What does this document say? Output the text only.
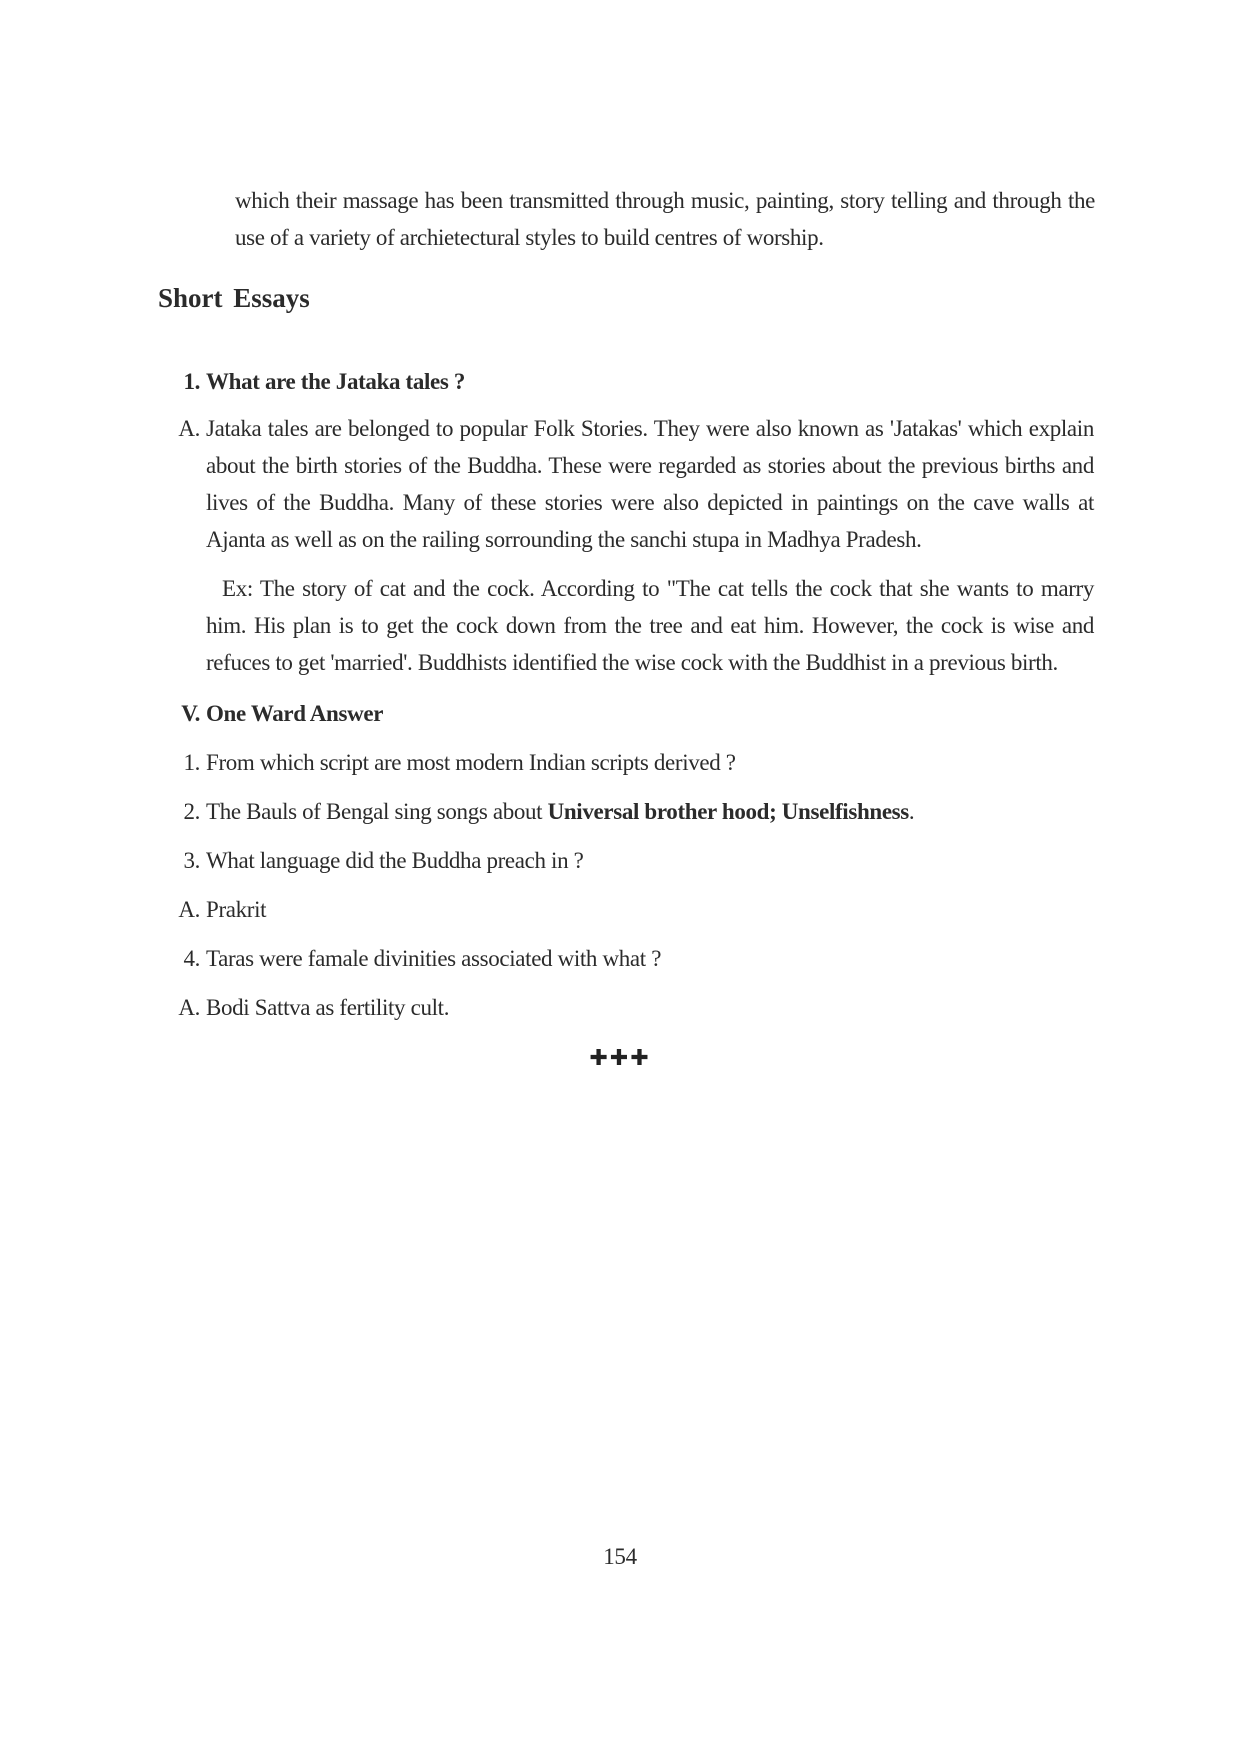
which their massage has been transmitted through music, painting, story telling and through the use of a variety of archietectural styles to build centres of worship.
Short Essays
1. What are the Jataka tales ?
A. Jataka tales are belonged to popular Folk Stories. They were also known as 'Jatakas' which explain about the birth stories of the Buddha. These were regarded as stories about the previous births and lives of the Buddha. Many of these stories were also depicted in paintings on the cave walls at Ajanta as well as on the railing sorrounding the sanchi stupa in Madhya Pradesh.
Ex: The story of cat and the cock. According to "The cat tells the cock that she wants to marry him. His plan is to get the cock down from the tree and eat him. However, the cock is wise and refuces to get 'married'. Buddhists identified the wise cock with the Buddhist in a previous birth.
V. One Ward Answer
1. From which script are most modern Indian scripts derived ?
2. The Bauls of Bengal sing songs about Universal brother hood; Unselfishness.
3. What language did the Buddha preach in ?
A. Prakrit
4. Taras were famale divinities associated with what ?
A. Bodi Sattva as fertility cult.
✚✚✚
154
